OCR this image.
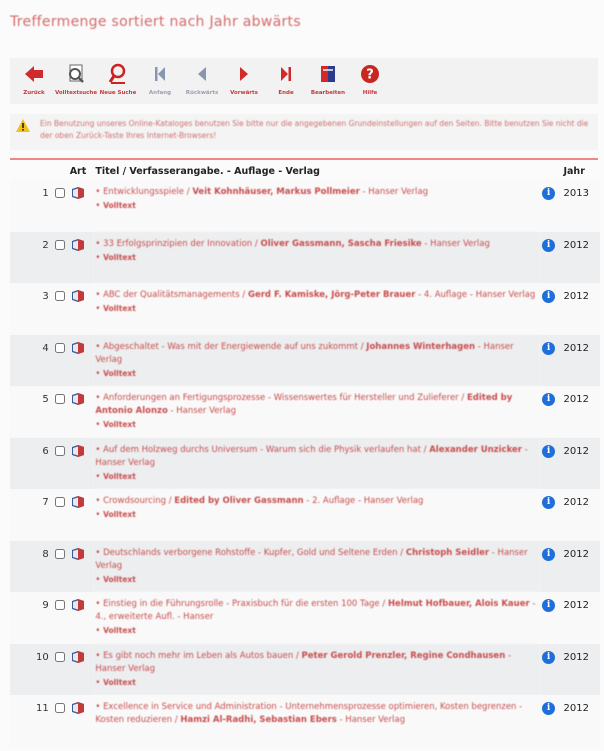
Treffermenge sortiert nach Jahr abwärts
Zurück Volltextsuche Neue Suche Anfang	Rückwärts Vorwärts	Ende	Bearbeiten
?
Hilfe
Ein Benutzung unseres Online-Kataloges benutzen Sie bitte nur die angegebenen Grundeinstellungen auf den Seiten. Bitte benutzen Sie nicht die der oben Zurück-Taste Ihres Internet-Browsers!
		Art	Titel / Verfasserangabe. - Auflage - Verlag		Jahr
1			• Entwicklungsspiele / Veit Kohnhäuser, Markus Pollmeier - Hanser Verlag
• Volltext	i	2013
2			• 33 Erfolgsprinzipien der Innovation / Oliver Gassmann, Sascha Friesike - Hanser Verlag
• Volltext	i	2012
3			• ABC der Qualitätsmanagements / Gerd F. Kamiske, Jörg-Peter Brauer - 4. Auflage - Hanser Verlag
• Volltext	i	2012
4			• Abgeschaltet - Was mit der Energiewende auf uns zukommt / Johannes Winterhagen - Hanser Verlag
• Volltext	i	2012
5			• Anforderungen an Fertigungsprozesse - Wissenswertes für Hersteller und Zulieferer / Edited by Antonio Alonzo - Hanser Verlag
• Volltext	i	2012
6			• Auf dem Holzweg durchs Universum - Warum sich die Physik verlaufen hat / Alexander Unzicker - Hanser Verlag
• Volltext	i	2012
7			• Crowdsourcing / Edited by Oliver Gassmann - 2. Auflage - Hanser Verlag
• Volltext	i	2012
8			• Deutschlands verborgene Rohstoffe - Kupfer, Gold und Seltene Erden / Christoph Seidler - Hanser Verlag
• Volltext	i	2012
9			• Einstieg in die Führungsrolle - Praxisbuch für die ersten 100 Tage / Helmut Hofbauer, Alois Kauer - 4., erweiterte Aufl. - Hanser
• Volltext	i	2012
10			• Es gibt noch mehr im Leben als Autos bauen / Peter Gerold Prenzler, Regine Condhausen - Hanser Verlag
• Volltext	i	2012
11			• Excellence in Service und Administration - Unternehmensprozesse optimieren, Kosten begrenzen - Kosten reduzieren / Hamzi Al-Radhi, Sebastian Ebers - Hanser Verlag	i	2012
